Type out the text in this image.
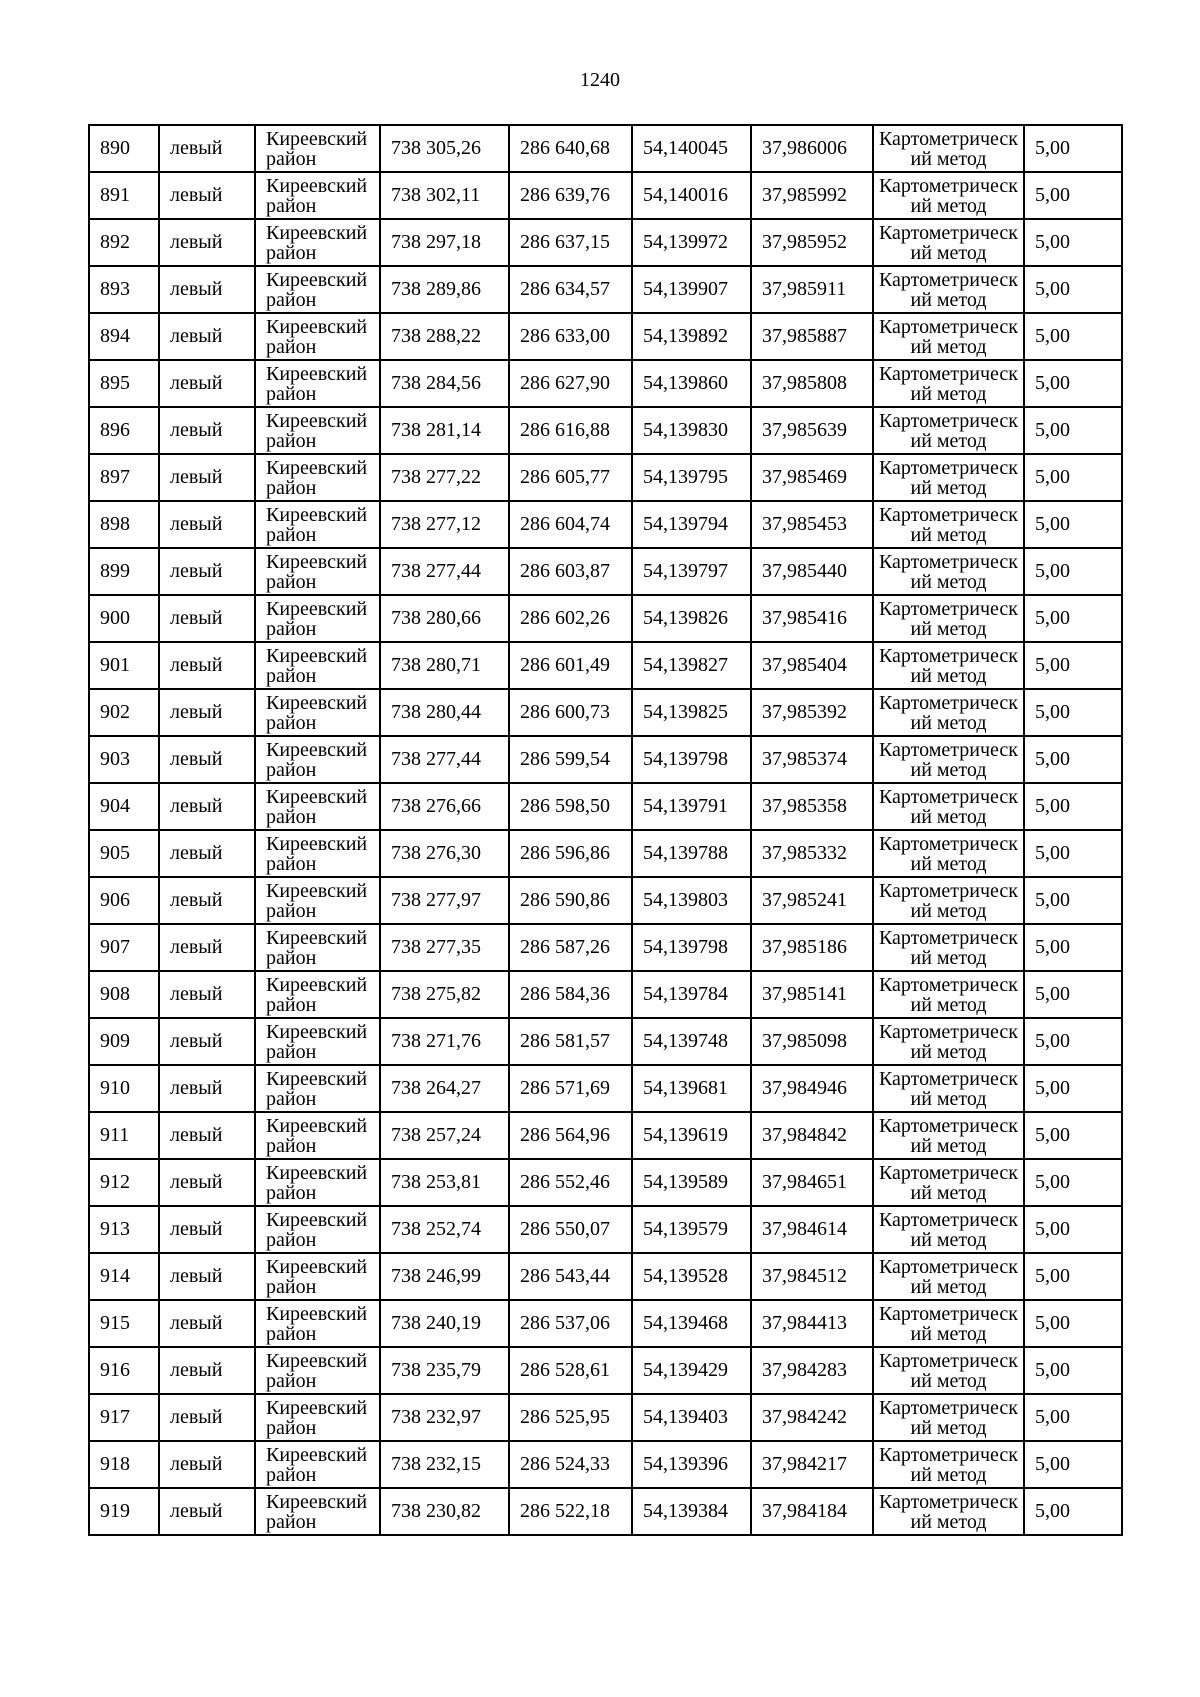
1240
890	левый	Киреевский район	738 305,26	286 640,68	54,140045	37,986006	Картометрическ ий метод	5,00
891	левый	Киреевский район	738 302,11	286 639,76	54,140016	37,985992	Картометрическ ий метод	5,00
892	левый	Киреевский район	738 297,18	286 637,15	54,139972	37,985952	Картометрическ ий метод	5,00
893	левый	Киреевский район	738 289,86	286 634,57	54,139907	37,985911	Картометрическ ий метод	5,00
894	левый	Киреевский район	738 288,22	286 633,00	54,139892	37,985887	Картометрическ ий метод	5,00
895	левый	Киреевский район	738 284,56	286 627,90	54,139860	37,985808	Картометрическ ий метод	5,00
896	левый	Киреевский район	738 281,14	286 616,88	54,139830	37,985639	Картометрическ ий метод	5,00
897	левый	Киреевский район	738 277,22	286 605,77	54,139795	37,985469	Картометрическ ий метод	5,00
898	левый	Киреевский район	738 277,12	286 604,74	54,139794	37,985453	Картометрическ ий метод	5,00
899	левый	Киреевский район	738 277,44	286 603,87	54,139797	37,985440	Картометрическ ий метод	5,00
900	левый	Киреевский район	738 280,66	286 602,26	54,139826	37,985416	Картометрическ ий метод	5,00
901	левый	Киреевский район	738 280,71	286 601,49	54,139827	37,985404	Картометрическ ий метод	5,00
902	левый	Киреевский район	738 280,44	286 600,73	54,139825	37,985392	Картометрическ ий метод	5,00
903	левый	Киреевский район	738 277,44	286 599,54	54,139798	37,985374	Картометрическ ий метод	5,00
904	левый	Киреевский район	738 276,66	286 598,50	54,139791	37,985358	Картометрическ ий метод	5,00
905	левый	Киреевский район	738 276,30	286 596,86	54,139788	37,985332	Картометрическ ий метод	5,00
906	левый	Киреевский район	738 277,97	286 590,86	54,139803	37,985241	Картометрическ ий метод	5,00
907	левый	Киреевский район	738 277,35	286 587,26	54,139798	37,985186	Картометрическ ий метод	5,00
908	левый	Киреевский район	738 275,82	286 584,36	54,139784	37,985141	Картометрическ ий метод	5,00
909	левый	Киреевский район	738 271,76	286 581,57	54,139748	37,985098	Картометрическ ий метод	5,00
910	левый	Киреевский район	738 264,27	286 571,69	54,139681	37,984946	Картометрическ ий метод	5,00
911	левый	Киреевский район	738 257,24	286 564,96	54,139619	37,984842	Картометрическ ий метод	5,00
912	левый	Киреевский район	738 253,81	286 552,46	54,139589	37,984651	Картометрическ ий метод	5,00
913	левый	Киреевский район	738 252,74	286 550,07	54,139579	37,984614	Картометрическ ий метод	5,00
914	левый	Киреевский район	738 246,99	286 543,44	54,139528	37,984512	Картометрическ ий метод	5,00
915	левый	Киреевский район	738 240,19	286 537,06	54,139468	37,984413	Картометрическ ий метод	5,00
916	левый	Киреевский район	738 235,79	286 528,61	54,139429	37,984283	Картометрическ ий метод	5,00
917	левый	Киреевский район	738 232,97	286 525,95	54,139403	37,984242	Картометрическ ий метод	5,00
918	левый	Киреевский район	738 232,15	286 524,33	54,139396	37,984217	Картометрическ ий метод	5,00
919	левый	Киреевский район	738 230,82	286 522,18	54,139384	37,984184	Картометрическ ий метод	5,00
